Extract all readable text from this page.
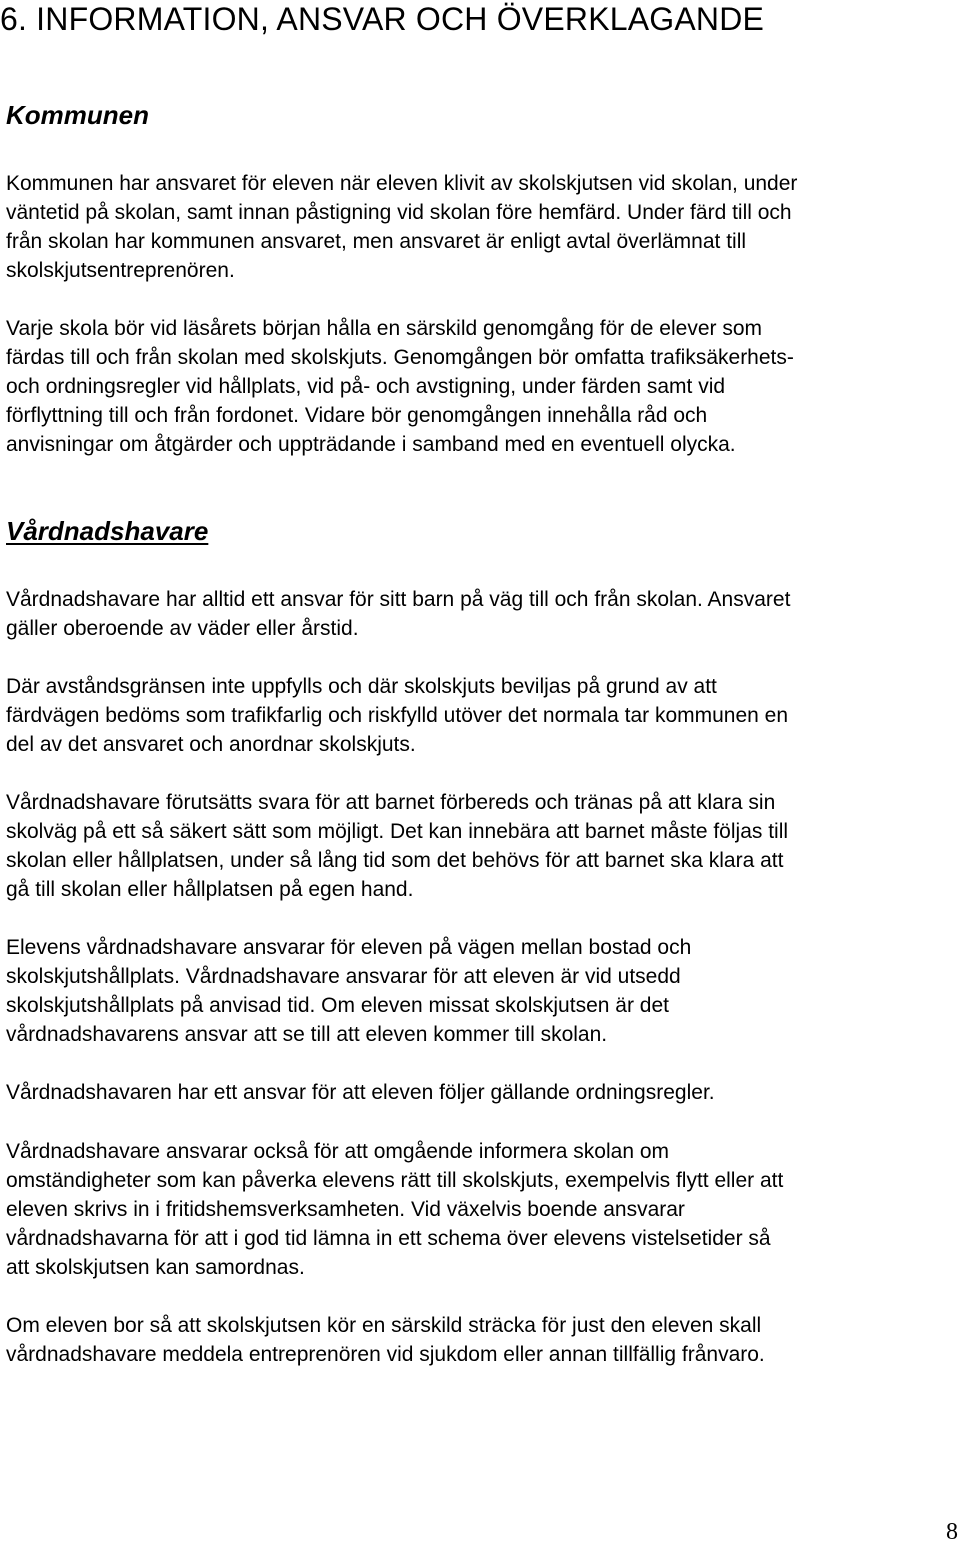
6. INFORMATION, ANSVAR OCH ÖVERKLAGANDE
Kommunen

Kommunen har ansvaret för eleven när eleven klivit av skolskjutsen vid skolan, under
väntetid på skolan, samt innan påstigning vid skolan före hemfärd. Under färd till och
från skolan har kommunen ansvaret, men ansvaret är enligt avtal överlämnat till
skolskjutsentreprenören.

Varje skola bör vid läsårets början hålla en särskild genomgång för de elever som
färdas till och från skolan med skolskjuts. Genomgången bör omfatta trafiksäkerhets-
och ordningsregler vid hållplats, vid på- och avstigning, under färden samt vid
förflyttning till och från fordonet. Vidare bör genomgången innehålla råd och
anvisningar om åtgärder och uppträdande i samband med en eventuell olycka.

Vårdnadshavare

Vårdnadshavare har alltid ett ansvar för sitt barn på väg till och från skolan. Ansvaret
gäller oberoende av väder eller årstid.

Där avståndsgränsen inte uppfylls och där skolskjuts beviljas på grund av att
färdvägen bedöms som trafikfarlig och riskfylld utöver det normala tar kommunen en
del av det ansvaret och anordnar skolskjuts.

Vårdnadshavare förutsätts svara för att barnet förbereds och tränas på att klara sin
skolväg på ett så säkert sätt som möjligt. Det kan innebära att barnet måste följas till
skolan eller hållplatsen, under så lång tid som det behövs för att barnet ska klara att
gå till skolan eller hållplatsen på egen hand.

Elevens vårdnadshavare ansvarar för eleven på vägen mellan bostad och
skolskjutshållplats. Vårdnadshavare ansvarar för att eleven är vid utsedd
skolskjutshållplats på anvisad tid. Om eleven missat skolskjutsen är det
vårdnadshavarens ansvar att se till att eleven kommer till skolan.

Vårdnadshavaren har ett ansvar för att eleven följer gällande ordningsregler.

Vårdnadshavare ansvarar också för att omgående informera skolan om
omständigheter som kan påverka elevens rätt till skolskjuts, exempelvis flytt eller att
eleven skrivs in i fritidshemsverksamheten. Vid växelvis boende ansvarar
vårdnadshavarna för att i god tid lämna in ett schema över elevens vistelsetider så
att skolskjutsen kan samordnas.

Om eleven bor så att skolskjutsen kör en särskild sträcka för just den eleven skall
vårdnadshavare meddela entreprenören vid sjukdom eller annan tillfällig frånvaro.

8
